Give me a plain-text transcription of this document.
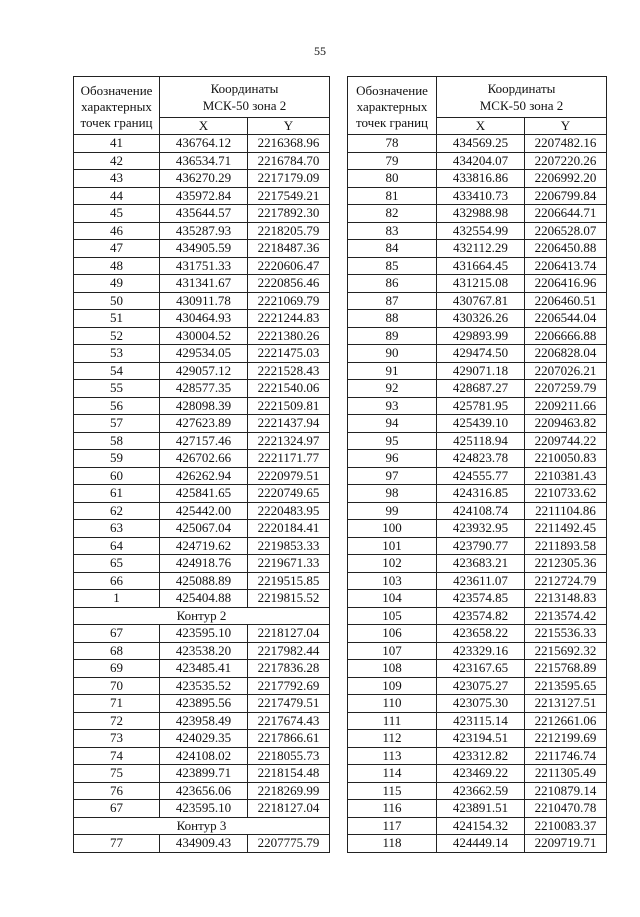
55
Обозначение
характерных
точек границ	Координаты
МСК-50 зона 2	
	X	Y
41	436764.12	2216368.96
42	436534.71	2216784.70
43	436270.29	2217179.09
44	435972.84	2217549.21
45	435644.57	2217892.30
46	435287.93	2218205.79
47	434905.59	2218487.36
48	431751.33	2220606.47
49	431341.67	2220856.46
50	430911.78	2221069.79
51	430464.93	2221244.83
52	430004.52	2221380.26
53	429534.05	2221475.03
54	429057.12	2221528.43
55	428577.35	2221540.06
56	428098.39	2221509.81
57	427623.89	2221437.94
58	427157.46	2221324.97
59	426702.66	2221171.77
60	426262.94	2220979.51
61	425841.65	2220749.65
62	425442.00	2220483.95
63	425067.04	2220184.41
64	424719.62	2219853.33
65	424918.76	2219671.33
66	425088.89	2219515.85
1	425404.88	2219815.52
Контур 2		
67	423595.10	2218127.04
68	423538.20	2217982.44
69	423485.41	2217836.28
70	423535.52	2217792.69
71	423895.56	2217479.51
72	423958.49	2217674.43
73	424029.35	2217866.61
74	424108.02	2218055.73
75	423899.71	2218154.48
76	423656.06	2218269.99
67	423595.10	2218127.04
Контур 3		
77	434909.43	2207775.79
Обозначение
характерных
точек границ	Координаты
МСК-50 зона 2	
	X	Y
78	434569.25	2207482.16
79	434204.07	2207220.26
80	433816.86	2206992.20
81	433410.73	2206799.84
82	432988.98	2206644.71
83	432554.99	2206528.07
84	432112.29	2206450.88
85	431664.45	2206413.74
86	431215.08	2206416.96
87	430767.81	2206460.51
88	430326.26	2206544.04
89	429893.99	2206666.88
90	429474.50	2206828.04
91	429071.18	2207026.21
92	428687.27	2207259.79
93	425781.95	2209211.66
94	425439.10	2209463.82
95	425118.94	2209744.22
96	424823.78	2210050.83
97	424555.77	2210381.43
98	424316.85	2210733.62
99	424108.74	2211104.86
100	423932.95	2211492.45
101	423790.77	2211893.58
102	423683.21	2212305.36
103	423611.07	2212724.79
104	423574.85	2213148.83
105	423574.82	2213574.42
106	423658.22	2215536.33
107	423329.16	2215692.32
108	423167.65	2215768.89
109	423075.27	2213595.65
110	423075.30	2213127.51
111	423115.14	2212661.06
112	423194.51	2212199.69
113	423312.82	2211746.74
114	423469.22	2211305.49
115	423662.59	2210879.14
116	423891.51	2210470.78
117	424154.32	2210083.37
118	424449.14	2209719.71
